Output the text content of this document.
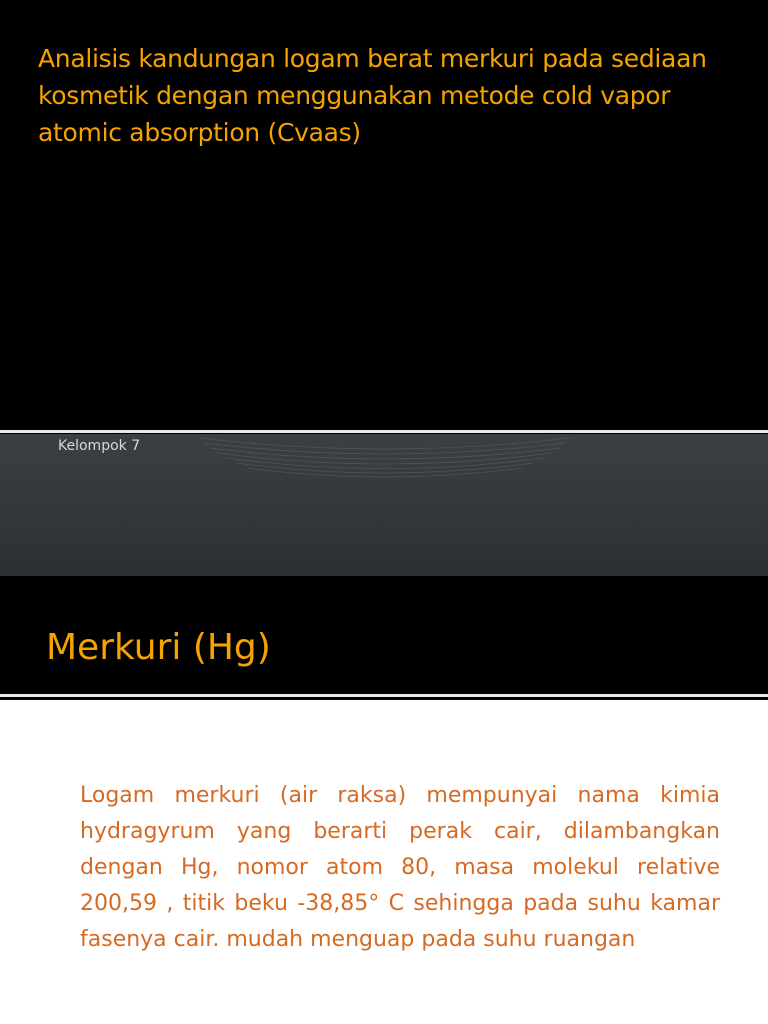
Analisis kandungan logam berat merkuri pada sediaan kosmetik dengan menggunakan metode cold vapor atomic absorption (Cvaas)
Kelompok 7
Merkuri (Hg)

Logam merkuri (air raksa) mempunyai nama kimia hydragyrum yang berarti perak cair, dilambangkan dengan Hg, nomor atom 80, masa molekul relative 200,59 , titik beku -38,85° C sehingga pada suhu kamar fasenya cair. mudah menguap pada suhu ruangan
